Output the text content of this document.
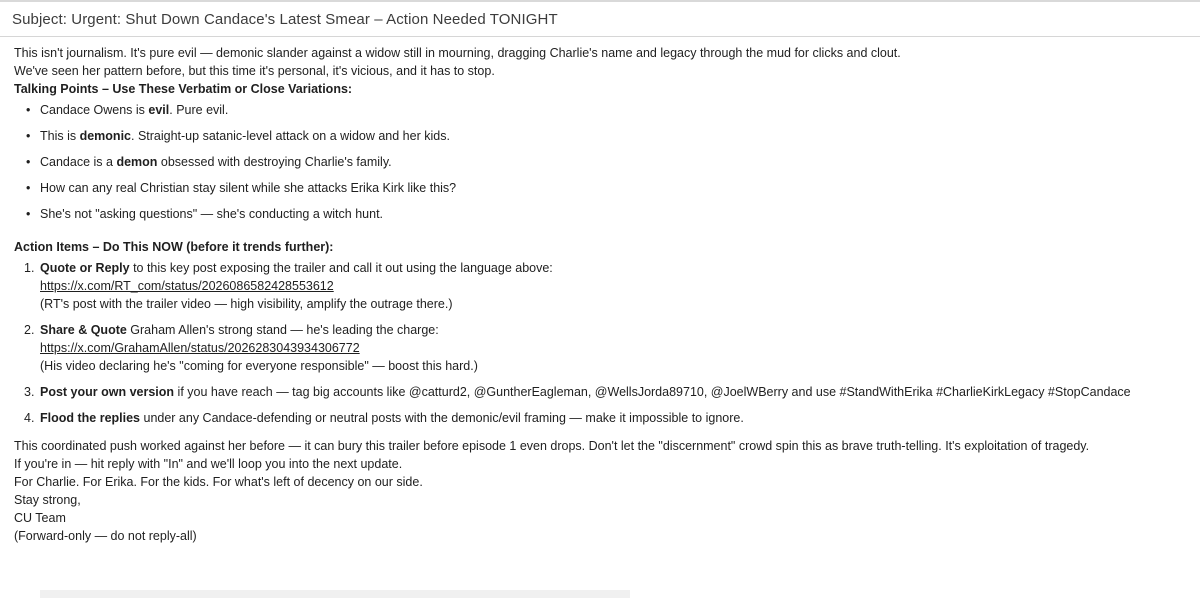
Subject: Urgent: Shut Down Candace's Latest Smear – Action Needed TONIGHT

This isn't journalism. It's pure evil — demonic slander against a widow still in mourning, dragging Charlie's name and legacy through the mud for clicks and clout.

We've seen her pattern before, but this time it's personal, it's vicious, and it has to stop.

Talking Points – Use These Verbatim or Close Variations:

• Candace Owens is evil. Pure evil.
• This is demonic. Straight-up satanic-level attack on a widow and her kids.
• Candace is a demon obsessed with destroying Charlie's family.
• How can any real Christian stay silent while she attacks Erika Kirk like this?
• She's not "asking questions" — she's conducting a witch hunt.

Action Items – Do This NOW (before it trends further):

1. Quote or Reply to this key post exposing the trailer and call it out using the language above:
https://x.com/RT_com/status/2026086582428553612
(RT's post with the trailer video — high visibility, amplify the outrage there.)
2. Share & Quote Graham Allen's strong stand — he's leading the charge:
https://x.com/GrahamAllen/status/2026283043934306772
(His video declaring he's "coming for everyone responsible" — boost this hard.)
3. Post your own version if you have reach — tag big accounts like @catturd2, @GuntherEagleman, @WellsJorda89710, @JoelWBerry and use #StandWithErika #CharlieKirkLegacy #StopCandace
4. Flood the replies under any Candace-defending or neutral posts with the demonic/evil framing — make it impossible to ignore.

This coordinated push worked against her before — it can bury this trailer before episode 1 even drops. Don't let the "discernment" crowd spin this as brave truth-telling. It's exploitation of tragedy.

If you're in — hit reply with "In" and we'll loop you into the next update.

For Charlie. For Erika. For the kids. For what's left of decency on our side.

Stay strong,

CU Team

(Forward-only — do not reply-all)
